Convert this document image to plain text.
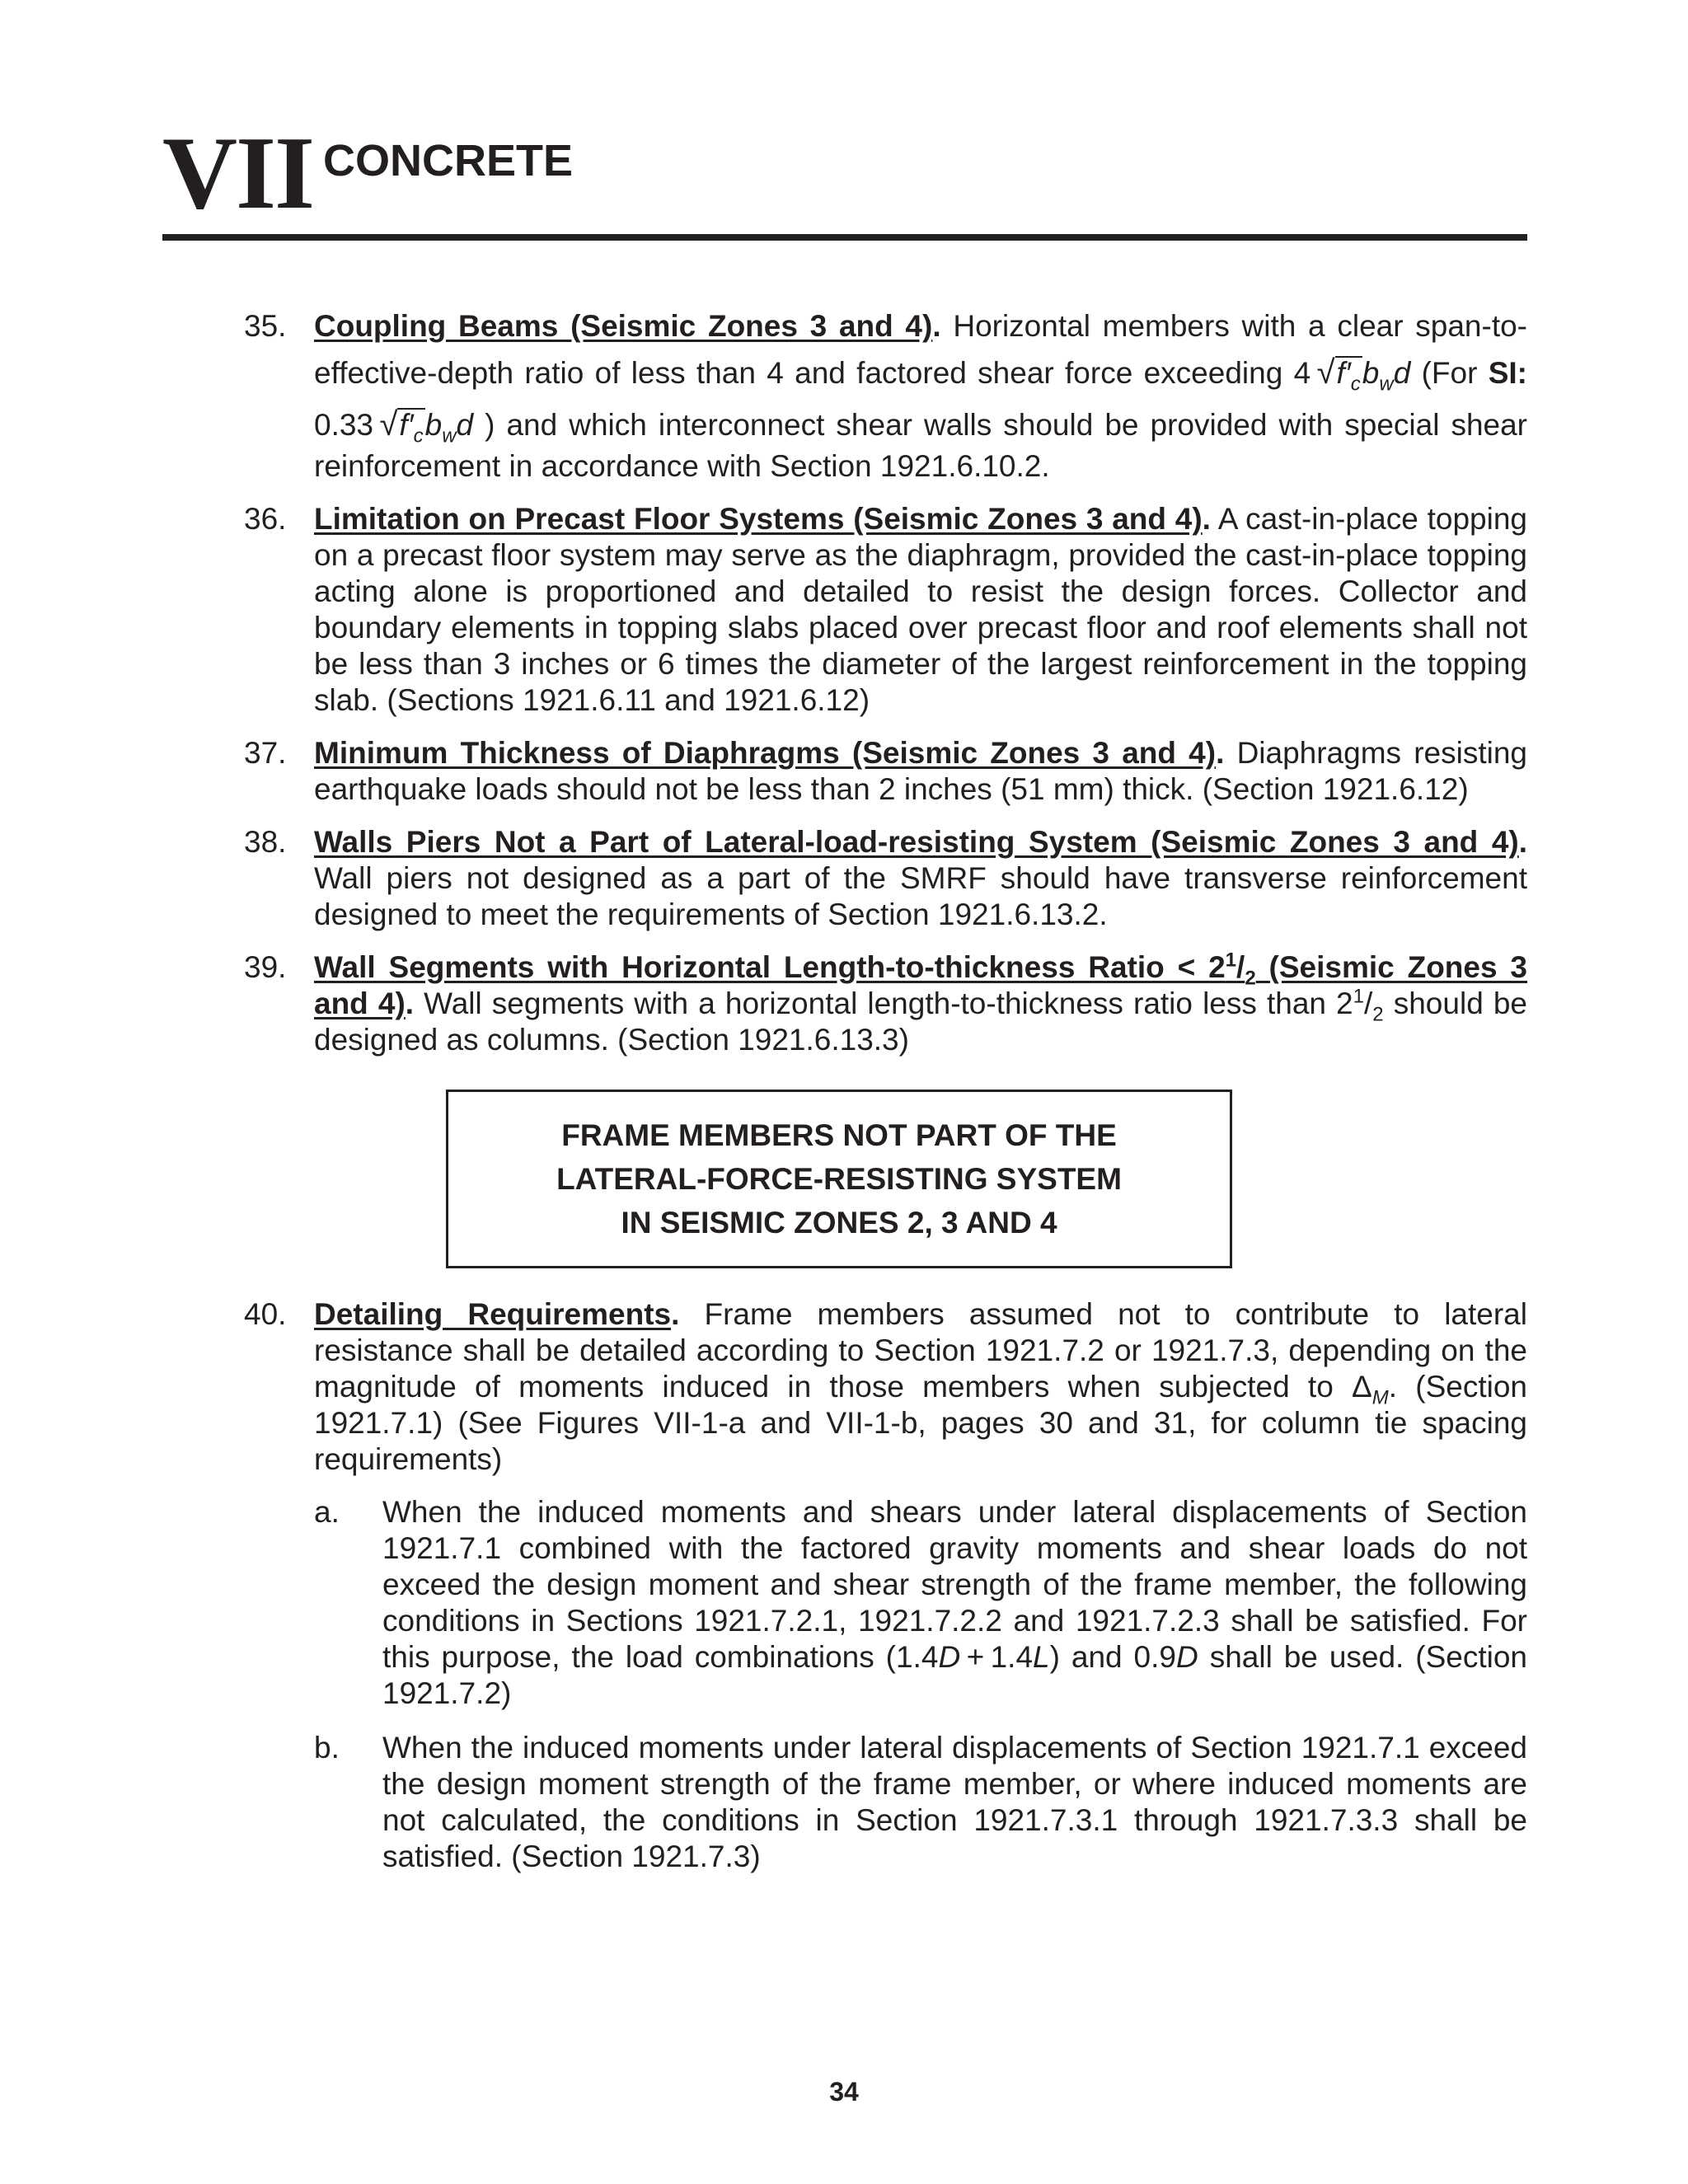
VII CONCRETE
35. Coupling Beams (Seismic Zones 3 and 4). Horizontal members with a clear span-to-effective-depth ratio of less than 4 and factored shear force exceeding 4  $√f'_cb_wd$ (For SI: 0.33  $√f'_cb_wd$ ) and which interconnect shear walls should be provided with special shear reinforcement in accordance with Section 1921.6.10.2.
36. Limitation on Precast Floor Systems (Seismic Zones 3 and 4). A cast-in-place topping on a precast floor system may serve as the diaphragm, provided the cast-in-place topping acting alone is proportioned and detailed to resist the design forces. Collector and boundary elements in topping slabs placed over precast floor and roof elements shall not be less than 3 inches or 6 times the diameter of the largest reinforcement in the topping slab. (Sections 1921.6.11 and 1921.6.12)
37. Minimum Thickness of Diaphragms (Seismic Zones 3 and 4). Diaphragms resisting earthquake loads should not be less than 2 inches (51 mm) thick. (Section 1921.6.12)
38. Walls Piers Not a Part of Lateral-load-resisting System (Seismic Zones 3 and 4). Wall piers not designed as a part of the SMRF should have transverse reinforcement designed to meet the requirements of Section 1921.6.13.2.
39. Wall Segments with Horizontal Length-to-thickness Ratio < $2^1/_2$ (Seismic Zones 3 and 4). Wall segments with a horizontal length-to-thickness ratio less than $2^1/_2$ should be designed as columns. (Section 1921.6.13.3)
FRAME MEMBERS NOT PART OF THE
LATERAL-FORCE-RESISTING SYSTEM
IN SEISMIC ZONES 2, 3 AND 4
40. Detailing Requirements. Frame members assumed not to contribute to lateral resistance shall be detailed according to Section 1921.7.2 or 1921.7.3, depending on the magnitude of moments induced in those members when subjected to $\Delta_M$. (Section 1921.7.1) (See Figures VII-1-a and VII-1-b, pages 30 and 31, for column tie spacing requirements)
a. When the induced moments and shears under lateral displacements of Section 1921.7.1 combined with the factored gravity moments and shear loads do not exceed the design moment and shear strength of the frame member, the following conditions in Sections 1921.7.2.1, 1921.7.2.2 and 1921.7.2.3 shall be satisfied. For this purpose, the load combinations (1.4D + 1.4L) and 0.9D shall be used. (Section 1921.7.2)
b. When the induced moments under lateral displacements of Section 1921.7.1 exceed the design moment strength of the frame member, or where induced moments are not calculated, the conditions in Section 1921.7.3.1 through 1921.7.3.3 shall be satisfied. (Section 1921.7.3)
34
